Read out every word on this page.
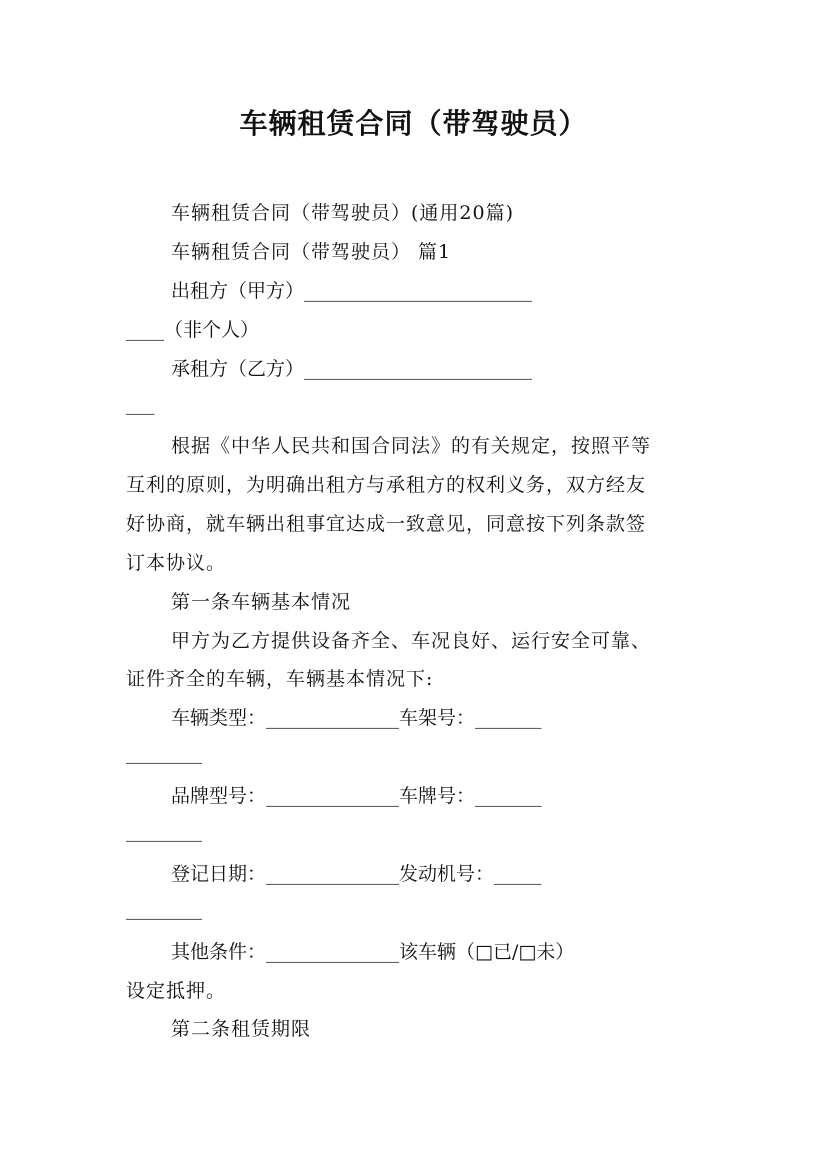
车辆租赁合同（带驾驶员）
车辆租赁合同（带驾驶员）(通用20篇)
车辆租赁合同（带驾驶员） 篇1
出租方（甲方）________________________
____（非个人）
承租方（乙方）________________________
___
根据《中华人民共和国合同法》的有关规定，按照平等
互利的原则，为明确出租方与承租方的权利义务，双方经友
好协商，就车辆出租事宜达成一致意见，同意按下列条款签
订本协议。
第一条车辆基本情况
甲方为乙方提供设备齐全、车况良好、运行安全可靠、
证件齐全的车辆，车辆基本情况下:
车辆类型：______________车架号：_______
________
品牌型号：______________车牌号：_______
________
登记日期：______________发动机号：_____
________
其他条件：______________该车辆（□已/□未）
设定抵押。
第二条租赁期限
